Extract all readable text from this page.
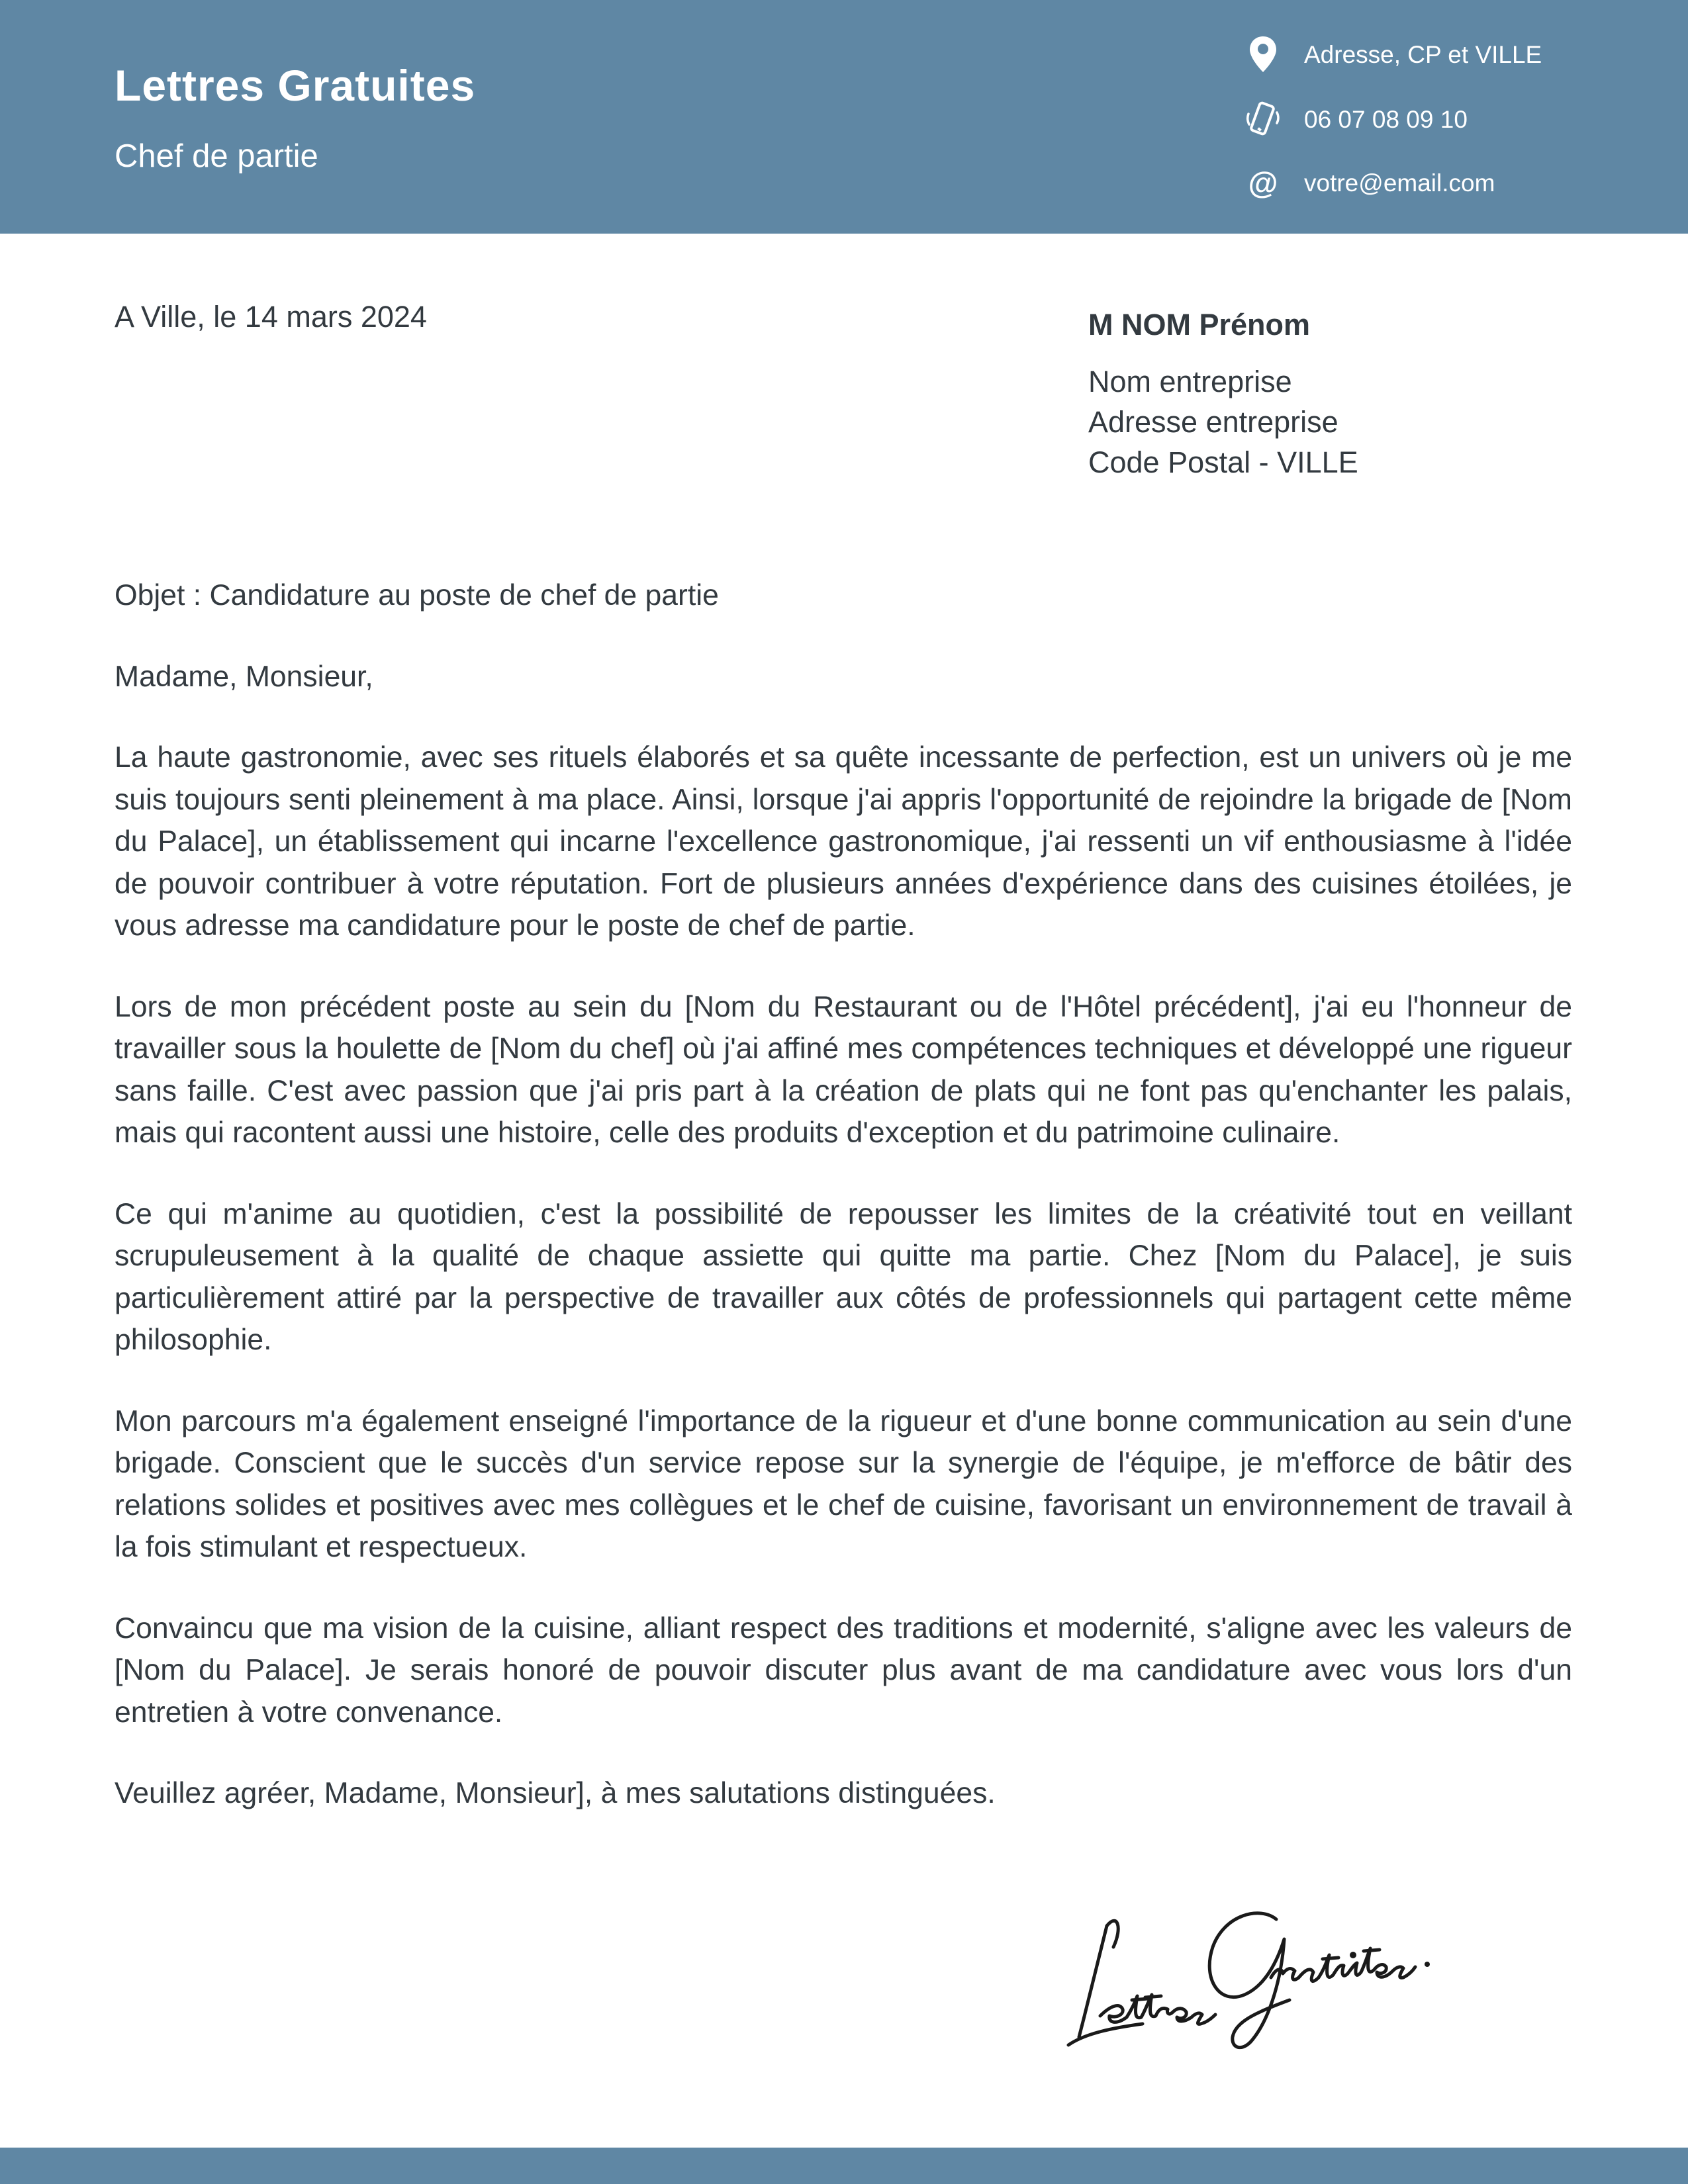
Lettres Gratuites
Chef de partie
Adresse, CP et VILLE
06 07 08 09 10
@ votre@email.com
A Ville, le 14 mars 2024	M NOM Prénom
Nom entreprise
Adresse entreprise
Code Postal - VILLE

Objet : Candidature au poste de chef de partie

Madame, Monsieur,

La haute gastronomie, avec ses rituels élaborés et sa quête incessante de perfection, est un univers où je me suis toujours senti pleinement à ma place. Ainsi, lorsque j'ai appris l'opportunité de rejoindre la brigade de [Nom du Palace], un établissement qui incarne l'excellence gastronomique, j'ai ressenti un vif enthousiasme à l'idée de pouvoir contribuer à votre réputation. Fort de plusieurs années d'expérience dans des cuisines étoilées, je vous adresse ma candidature pour le poste de chef de partie.

Lors de mon précédent poste au sein du [Nom du Restaurant ou de l'Hôtel précédent], j'ai eu l'honneur de travailler sous la houlette de [Nom du chef] où j'ai affiné mes compétences techniques et développé une rigueur sans faille. C'est avec passion que j'ai pris part à la création de plats qui ne font pas qu'enchanter les palais, mais qui racontent aussi une histoire, celle des produits d'exception et du patrimoine culinaire.

Ce qui m'anime au quotidien, c'est la possibilité de repousser les limites de la créativité tout en veillant scrupuleusement à la qualité de chaque assiette qui quitte ma partie. Chez [Nom du Palace], je suis particulièrement attiré par la perspective de travailler aux côtés de professionnels qui partagent cette même philosophie.

Mon parcours m'a également enseigné l'importance de la rigueur et d'une bonne communication au sein d'une brigade. Conscient que le succès d'un service repose sur la synergie de l'équipe, je m'efforce de bâtir des relations solides et positives avec mes collègues et le chef de cuisine, favorisant un environnement de travail à la fois stimulant et respectueux.

Convaincu que ma vision de la cuisine, alliant respect des traditions et modernité, s'aligne avec les valeurs de [Nom du Palace]. Je serais honoré de pouvoir discuter plus avant de ma candidature avec vous lors d'un entretien à votre convenance.

Veuillez agréer, Madame, Monsieur], à mes salutations distinguées.
